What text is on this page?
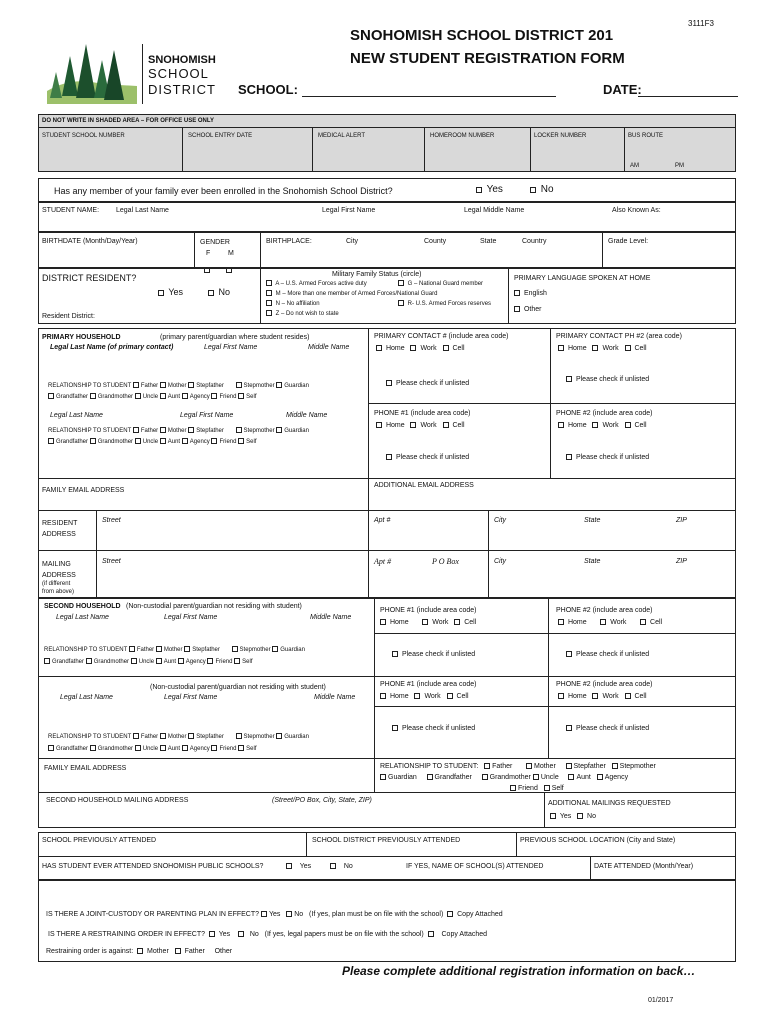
SNOHOMISH
SCHOOL
DISTRICT
3111F3
SNOHOMISH SCHOOL DISTRICT 201
NEW STUDENT REGISTRATION FORM
SCHOOL:	DATE:
DO NOT WRITE IN SHADED AREA – FOR OFFICE USE ONLY
STUDENT SCHOOL NUMBER	SCHOOL ENTRY DATE	MEDICAL ALERT	HOMEROOM NUMBER	LOCKER NUMBER	BUS ROUTE
AM	PM
Has any member of your family ever been enrolled in the Snohomish School District?	Yes	No
STUDENT NAME: Legal Last Name	Legal First Name	Legal Middle Name	Also Known As:
BIRTHDATE (Month/Day/Year)	GENDER
F	M
BIRTHPLACE:	City	County	State	Country	Grade Level:
DISTRICT RESIDENT?
Yes	No
Resident District:
Military Family Status (circle)
A – U.S. Armed Forces active duty	G – National Guard member
M – More than one member of Armed Forces/National Guard
N – No affiliation	R- U.S. Armed Forces reserves
Z – Do not wish to state
PRIMARY LANGUAGE SPOKEN AT HOME
English
Other
PRIMARY HOUSEHOLD	(primary parent/guardian where student resides)
Legal Last Name (of primary contact)	Legal First Name	Middle Name
PRIMARY CONTACT # (include area code)
Home Work Cell
PRIMARY CONTACT PH #2 (area code)
Home Work Cell
Please check if unlisted
Please check if unlisted
RELATIONSHIP TO STUDENT Father Mother Stepfather	Stepmother Guardian
Grandfather Grandmother Uncle Aunt Agency Friend Self
Legal Last Name	Legal First Name	Middle Name	PHONE #1 (include area code)
Home Work Cell
PHONE #2 (include area code)
Home Work Cell
Please check if unlisted	Please check if unlisted
RELATIONSHIP TO STUDENT Father Mother Stepfather	Stepmother Guardian
Grandfather Grandmother Uncle Aunt Agency Friend Self
FAMILY EMAIL ADDRESS
ADDITIONAL EMAIL ADDRESS
RESIDENT
ADDRESS
Street	Apt #	City	State	ZIP
MAILING
ADDRESS
(if different
from above)
Street	Apt #	P O Box	City	State	ZIP
SECOND HOUSEHOLD (Non-custodial parent/guardian not residing with student)
Legal Last Name	Legal First Name	Middle Name
PHONE #1 (include area code)
Home	Work Cell
PHONE #2 (include area code)
Home	Work	Cell
Please check if unlisted	Please check if unlisted
RELATIONSHIP TO STUDENT Father Mother Stepfather	Stepmother Guardian
Grandfather Grandmother Uncle Aunt Agency Friend Self
(Non-custodial parent/guardian not residing with student)
Legal Last Name	Legal First Name	Middle Name
PHONE #1 (include area code)
Home Work Cell
PHONE #2 (include area code)
Home Work Cell
Please check if unlisted	Please check if unlisted
RELATIONSHIP TO STUDENT Father Mother Stepfather	Stepmother Guardian
Grandfather Grandmother Uncle Aunt Agency Friend Self
FAMILY EMAIL ADDRESS	RELATIONSHIP TO STUDENT: Father	Mother	Stepfather Stepmother
Guardian	Grandfather	Grandmother Uncle	Aunt Agency
Friend Self
SECOND HOUSEHOLD MAILING ADDRESS	(Street/PO Box, City, State, ZIP)	ADDITIONAL MAILINGS REQUESTED
Yes No
SCHOOL PREVIOUSLY ATTENDED	SCHOOL DISTRICT PREVIOUSLY ATTENDED	PREVIOUS SCHOOL LOCATION (City and State)
HAS STUDENT EVER ATTENDED SNOHOMISH PUBLIC SCHOOLS?	Yes	No	IF YES, NAME OF SCHOOL(S) ATTENDED	DATE ATTENDED (Month/Year)
IS THERE A JOINT-CUSTODY OR PARENTING PLAN IN EFFECT? Yes No (If yes, plan must be on file with the school) Copy Attached
IS THERE A RESTRAINING ORDER IN EFFECT? Yes	No (If yes, legal papers must be on file with the school)	Copy Attached
Restraining order is against: Mother Father Other
Please complete additional registration information on back…
01/2017
